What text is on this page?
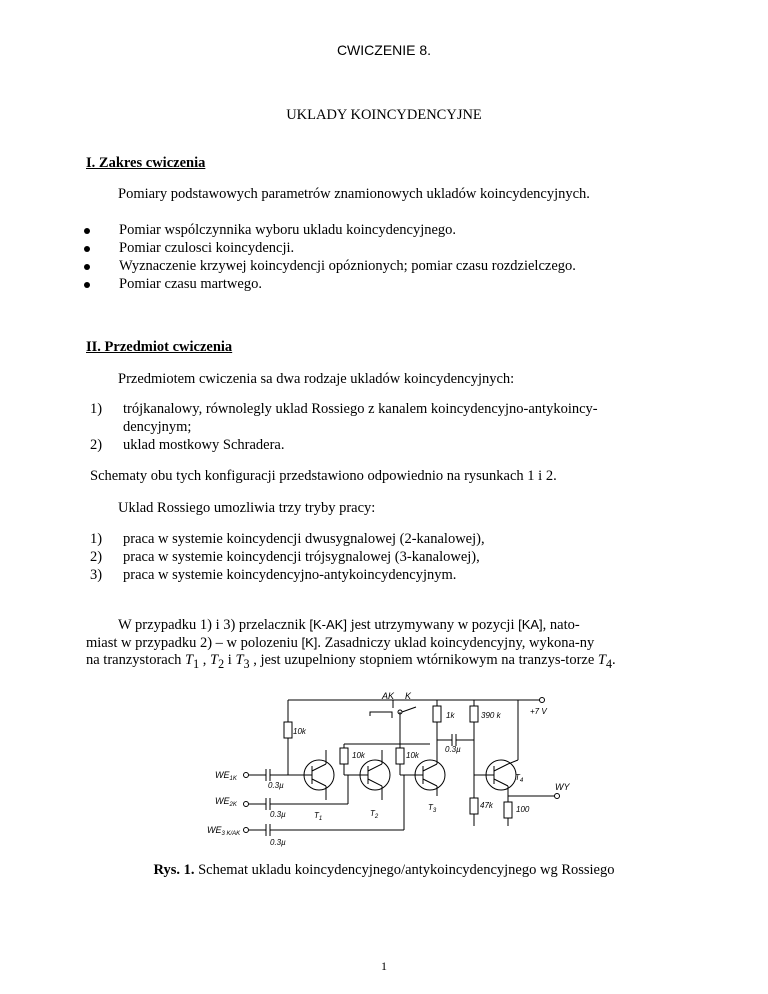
CWICZENIE 8.
UKLADY KOINCYDENCYJNE
I. Zakres cwiczenia
Pomiary podstawowych parametrów znamionowych ukladów koincydencyjnych.
Pomiar wspólczynnika wyboru ukladu koincydencyjnego.
Pomiar czulosci koincydencji.
Wyznaczenie krzywej koincydencji opóznionych; pomiar czasu rozdzielczego.
Pomiar czasu martwego.
II. Przedmiot cwiczenia
Przedmiotem cwiczenia sa dwa rodzaje ukladów koincydencyjnych:
1) trójkanalowy, równolegly uklad Rossiego z kanalem koincydencyjno-antykoincy-
dencyjnym;
2) uklad mostkowy Schradera.
Schematy obu tych konfiguracji przedstawiono odpowiednio na rysunkach 1 i 2.
Uklad Rossiego umozliwia trzy tryby pracy:
1) praca w systemie koincydencji dwusygnalowej (2-kanalowej),
2) praca w systemie koincydencji trójsygnalowej (3-kanalowej),
3) praca w systemie koincydencyjno-antykoincydencyjnym.
W przypadku 1) i 3) przelacznik [K-AK] jest utrzymywany w pozycji [KA], nato-
miast w przypadku 2) – w polozeniu [K]. Zasadniczy uklad koincydencyjny, wykona-ny
na tranzystorach $T_1$ , $T_2$ i $T_3$ , jest uzupelniony stopniem wtórnikowym na tranzys-torze $T_4$.
AK K
+7 V
1k	390 k
10k
10k	10k
0.3µ
0.3µ
0.3µ
0.3µ
$WE_{1K}$
$WE_{2K}$
$WE_{3 K/AK}$
$T_1$
$T_2$
$T_3$
$T_4$
47k	100
WY
Rys. 1. Schemat ukladu koincydencyjnego/antykoincydencyjnego wg Rossiego
1
